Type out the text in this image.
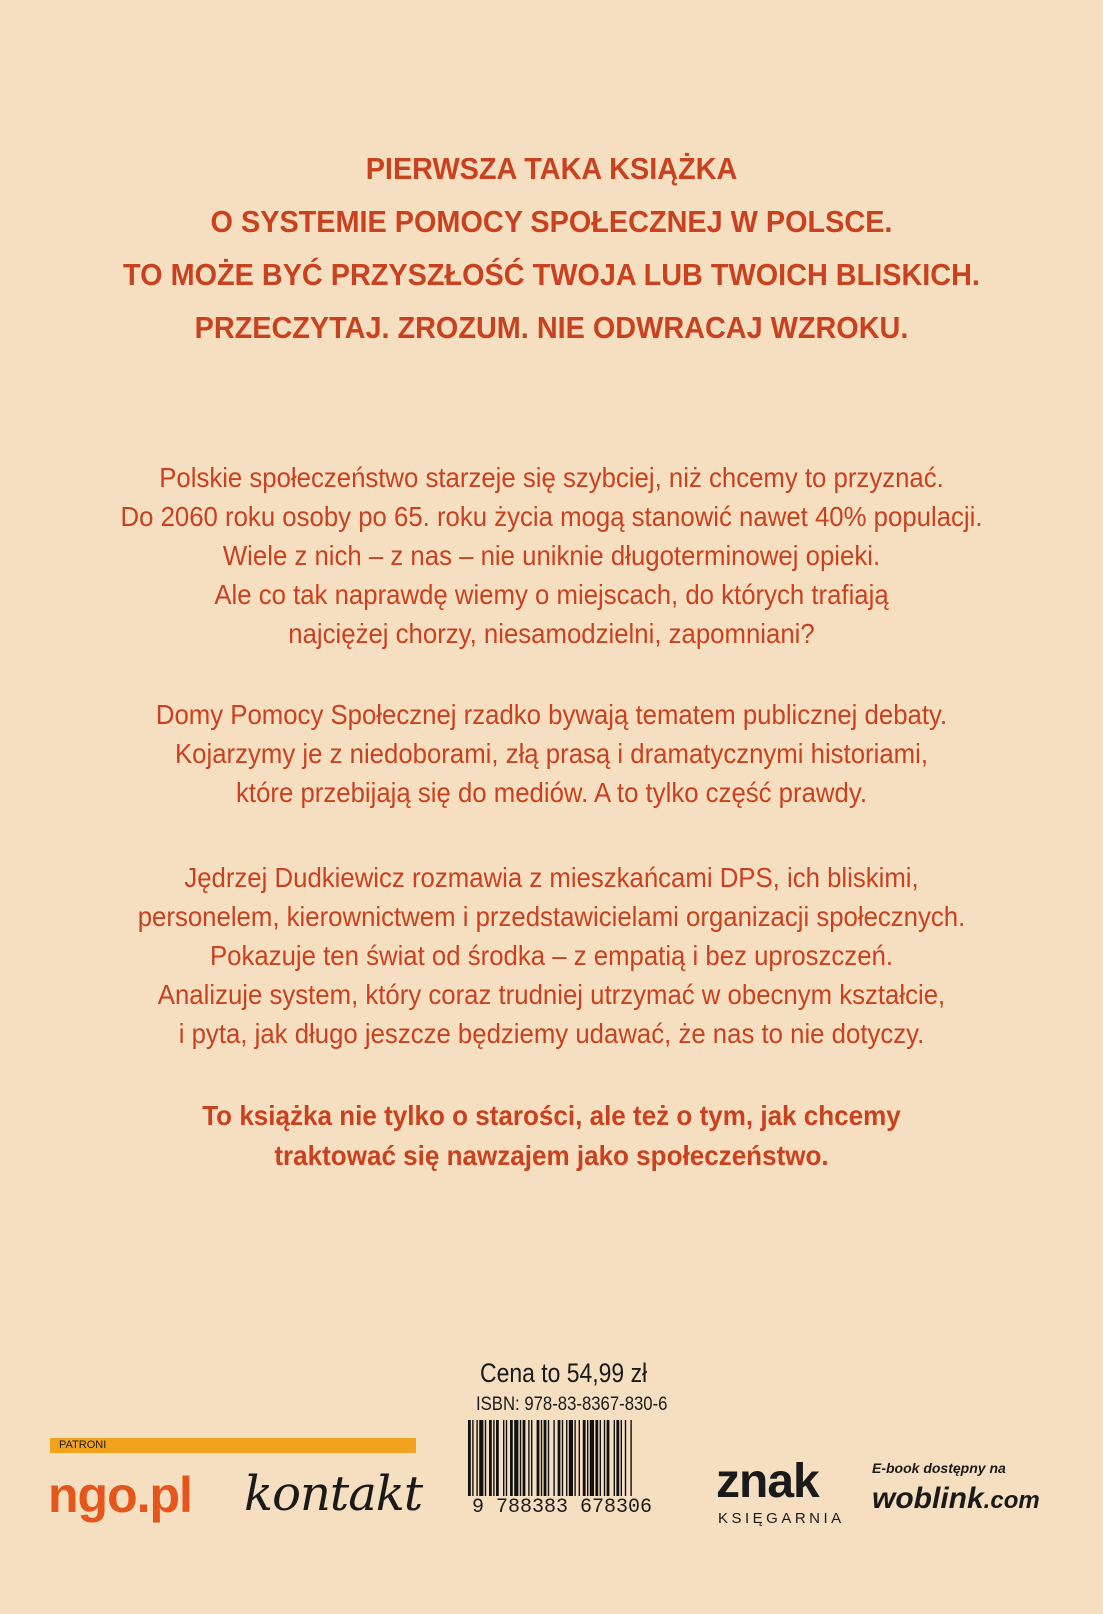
PIERWSZA TAKA KSIĄŻKA
O SYSTEMIE POMOCY SPOŁECZNEJ W POLSCE.
TO MOŻE BYĆ PRZYSZŁOŚĆ TWOJA LUB TWOICH BLISKICH.
PRZECZYTAJ. ZROZUM. NIE ODWRACAJ WZROKU.
Polskie społeczeństwo starzeje się szybciej, niż chcemy to przyznać.
Do 2060 roku osoby po 65. roku życia mogą stanowić nawet 40% populacji.
Wiele z nich – z nas – nie uniknie długoterminowej opieki.
Ale co tak naprawdę wiemy o miejscach, do których trafiają
najciężej chorzy, niesamodzielni, zapomniani?
Domy Pomocy Społecznej rzadko bywają tematem publicznej debaty.
Kojarzymy je z niedoborami, złą prasą i dramatycznymi historiami,
które przebijają się do mediów. A to tylko część prawdy.
Jędrzej Dudkiewicz rozmawia z mieszkańcami DPS, ich bliskimi,
personelem, kierownictwem i przedstawicielami organizacji społecznych.
Pokazuje ten świat od środka – z empatią i bez uproszczeń.
Analizuje system, który coraz trudniej utrzymać w obecnym kształcie,
i pyta, jak długo jeszcze będziemy udawać, że nas to nie dotyczy.
To książka nie tylko o starości, ale też o tym, jak chcemy
traktować się nawzajem jako społeczeństwo.
Cena to 54,99 zł
ISBN: 978-83-8367-830-6
9 788383 678306
PATRONI
ngo.pl kontakt	znak
KSIĘGARNIA
E-book dostępny na
woblink.com
